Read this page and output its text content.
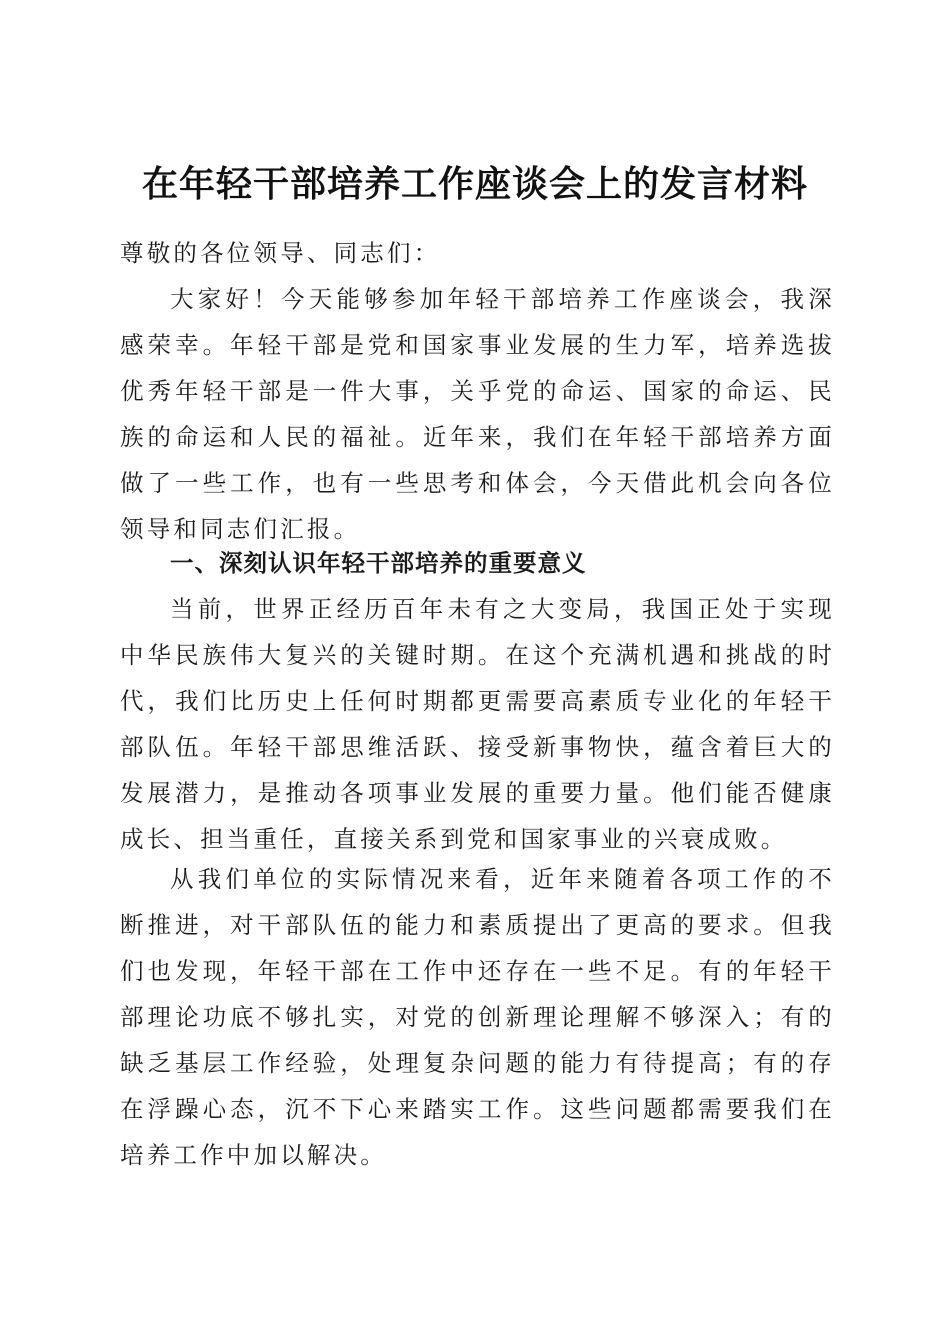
在年轻干部培养工作座谈会上的发言材料
尊敬的各位领导、同志们：

大家好！今天能够参加年轻干部培养工作座谈会，我深感荣幸。年轻干部是党和国家事业发展的生力军，培养选拔优秀年轻干部是一件大事，关乎党的命运、国家的命运、民族的命运和人民的福祉。近年来，我们在年轻干部培养方面做了一些工作，也有一些思考和体会，今天借此机会向各位领导和同志们汇报。

一、深刻认识年轻干部培养的重要意义

当前，世界正经历百年未有之大变局，我国正处于实现中华民族伟大复兴的关键时期。在这个充满机遇和挑战的时代，我们比历史上任何时期都更需要高素质专业化的年轻干部队伍。年轻干部思维活跃、接受新事物快，蕴含着巨大的发展潜力，是推动各项事业发展的重要力量。他们能否健康成长、担当重任，直接关系到党和国家事业的兴衰成败。

从我们单位的实际情况来看，近年来随着各项工作的不断推进，对干部队伍的能力和素质提出了更高的要求。但我们也发现，年轻干部在工作中还存在一些不足。有的年轻干部理论功底不够扎实，对党的创新理论理解不够深入；有的缺乏基层工作经验，处理复杂问题的能力有待提高；有的存在浮躁心态，沉不下心来踏实工作。这些问题都需要我们在培养工作中加以解决。
